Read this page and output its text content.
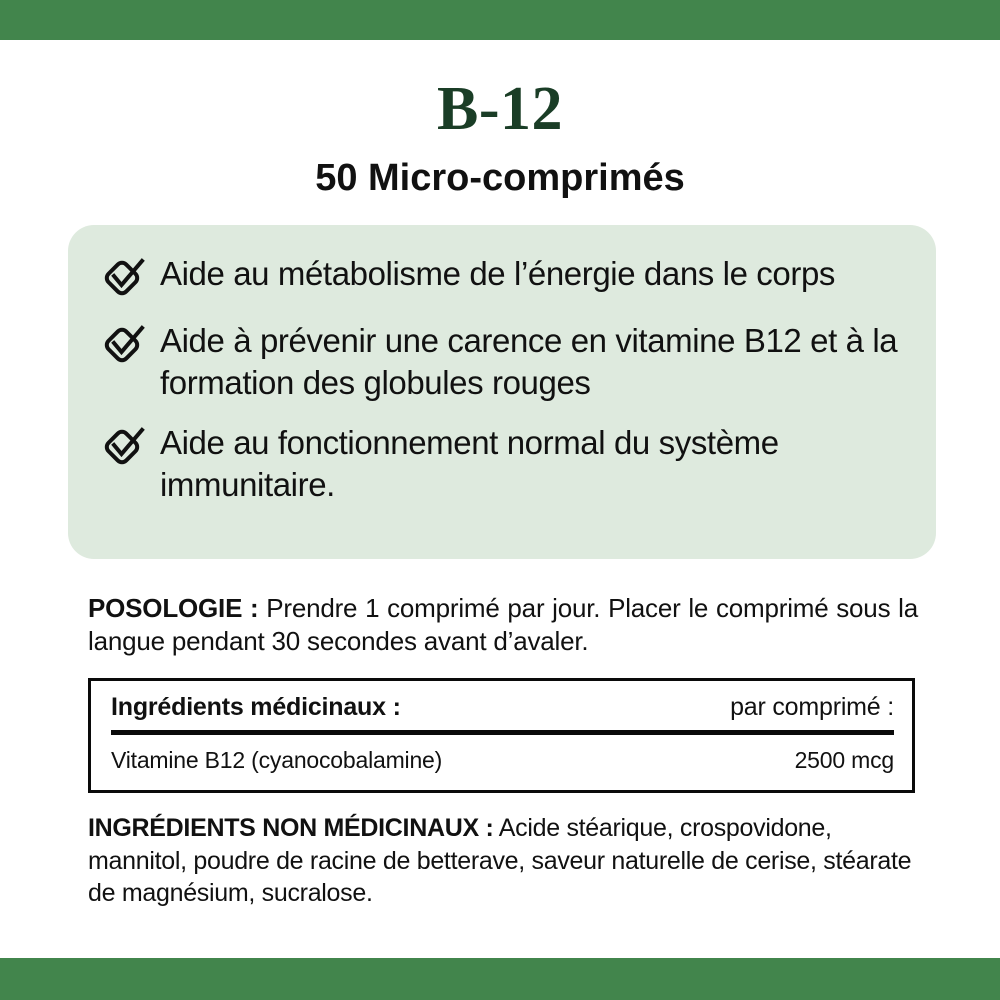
B-12
50 Micro-comprimés
Aide au métabolisme de l’énergie dans le corps
Aide à prévenir une carence en vitamine B12 et à la formation des globules rouges
Aide au fonctionnement normal du système immunitaire.

POSOLOGIE : Prendre 1 comprimé par jour. Placer le comprimé sous la langue pendant 30 secondes avant d’avaler.

Ingrédients médicinaux :	par comprimé :
Vitamine B12 (cyanocobalamine)	2500 mcg

INGRÉDIENTS NON MÉDICINAUX : Acide stéarique, crospovidone, mannitol, poudre de racine de betterave, saveur naturelle de cerise, stéarate de magnésium, sucralose.
